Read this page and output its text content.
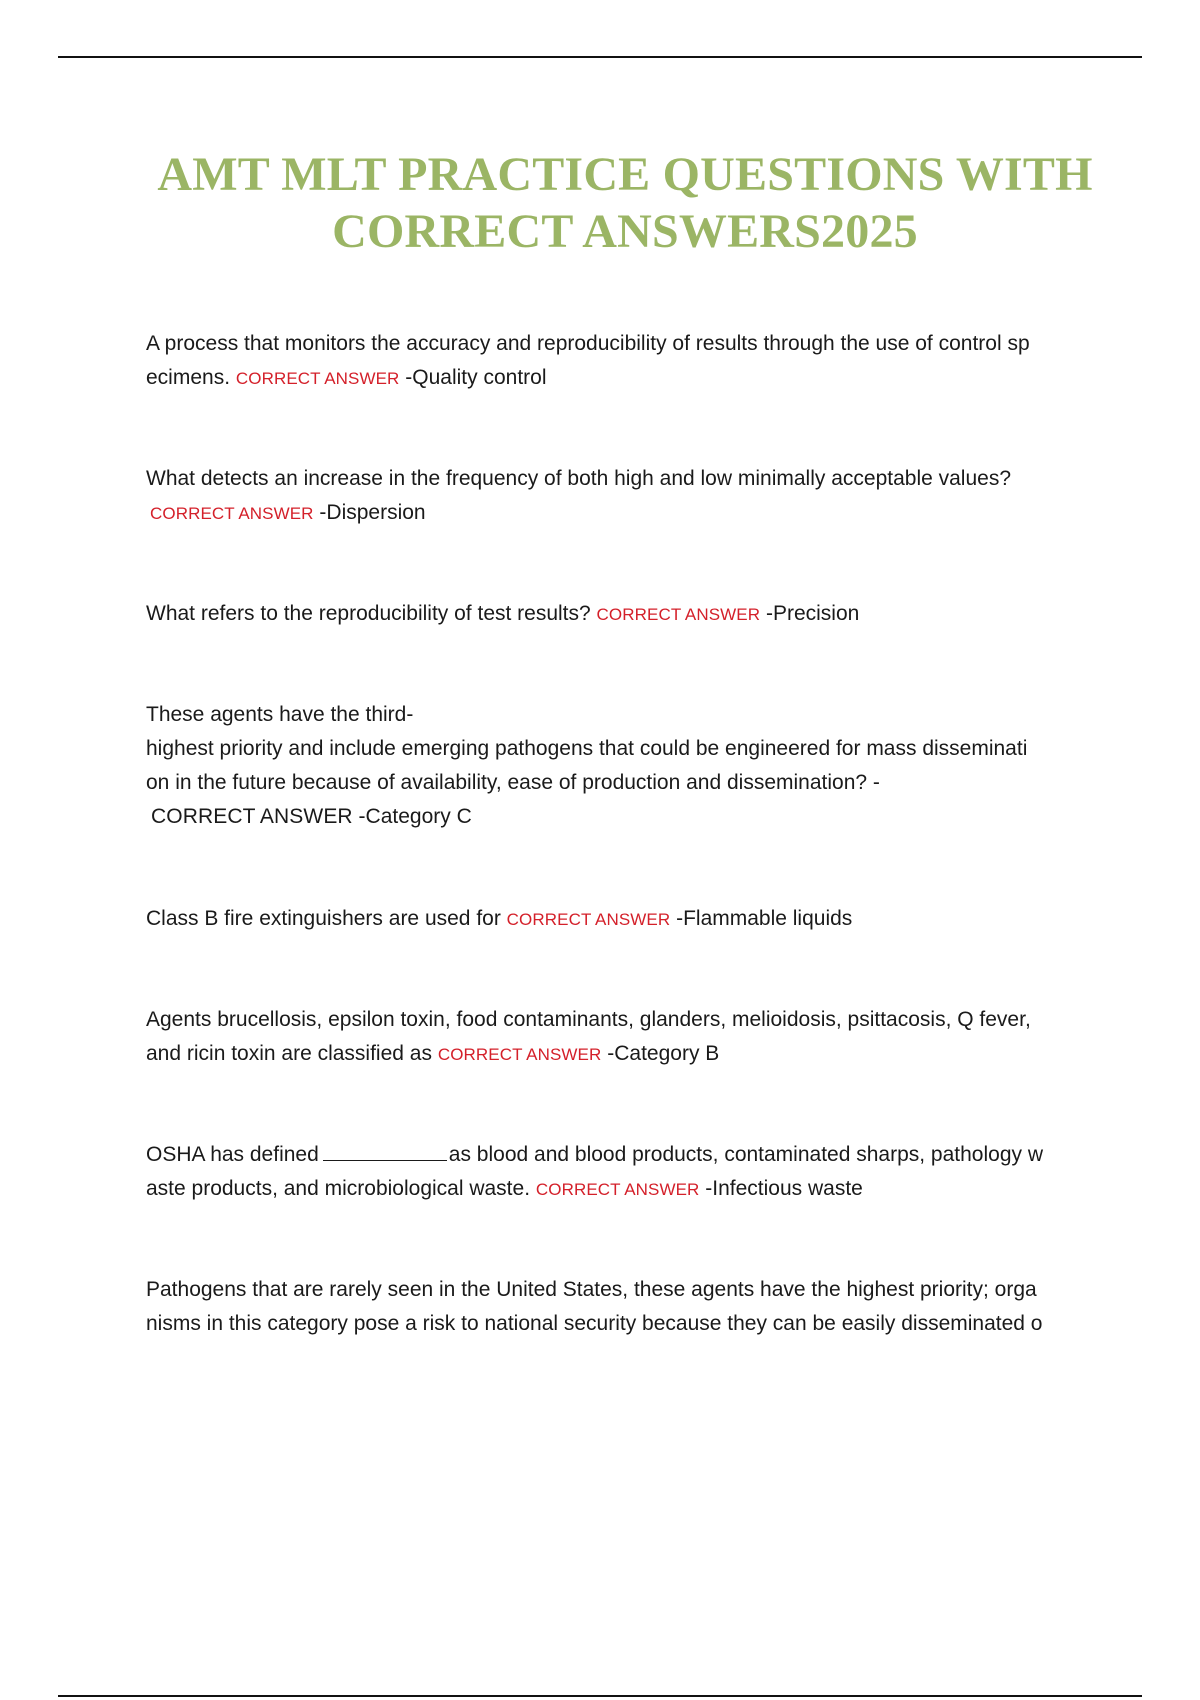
AMT MLT PRACTICE QUESTIONS WITH
CORRECT ANSWERS2025
A process that monitors the accuracy and reproducibility of results through the use of control sp
ecimens. CORRECT ANSWER -Quality control
What detects an increase in the frequency of both high and low minimally acceptable values?
CORRECT ANSWER -Dispersion
What refers to the reproducibility of test results? CORRECT ANSWER -Precision
These agents have the third-
highest priority and include emerging pathogens that could be engineered for mass disseminati
on in the future because of availability, ease of production and dissemination? -
CORRECT ANSWER -Category C
Class B fire extinguishers are used for CORRECT ANSWER -Flammable liquids
Agents brucellosis, epsilon toxin, food contaminants, glanders, melioidosis, psittacosis, Q fever,
and ricin toxin are classified as CORRECT ANSWER -Category B
OSHA has defined	as blood and blood products, contaminated sharps, pathology w
aste products, and microbiological waste. CORRECT ANSWER -Infectious waste
Pathogens that are rarely seen in the United States, these agents have the highest priority; orga
nisms in this category pose a risk to national security because they can be easily disseminated o
